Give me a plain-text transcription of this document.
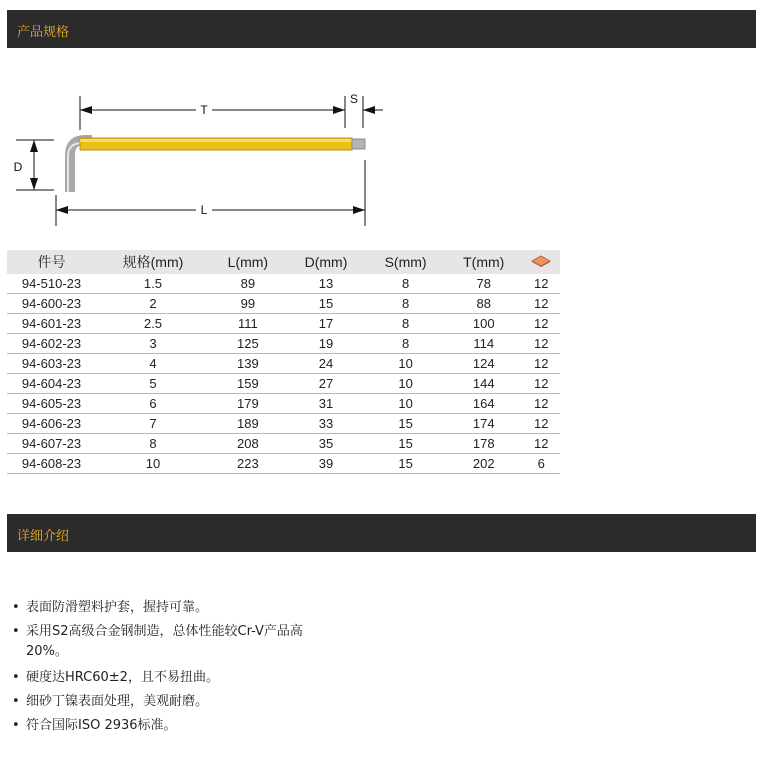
产品规格
T
S
D
L
件号	规格(mm)	L(mm)	D(mm)	S(mm)	T(mm)	
94-510-23	1.5	89	13	8	78	12
94-600-23	2	99	15	8	88	12
94-601-23	2.5	111	17	8	100	12
94-602-23	3	125	19	8	114	12
94-603-23	4	139	24	10	124	12
94-604-23	5	159	27	10	144	12
94-605-23	6	179	31	10	164	12
94-606-23	7	189	33	15	174	12
94-607-23	8	208	35	15	178	12
94-608-23	10	223	39	15	202	6
详细介绍
• 表面防滑塑料护套，握持可靠。
• 采用S2高级合金钢制造，总体性能较Cr-V产品高20%。
• 硬度达HRC60±2，且不易扭曲。
• 细砂丁镍表面处理，美观耐磨。
• 符合国际ISO 2936标准。
